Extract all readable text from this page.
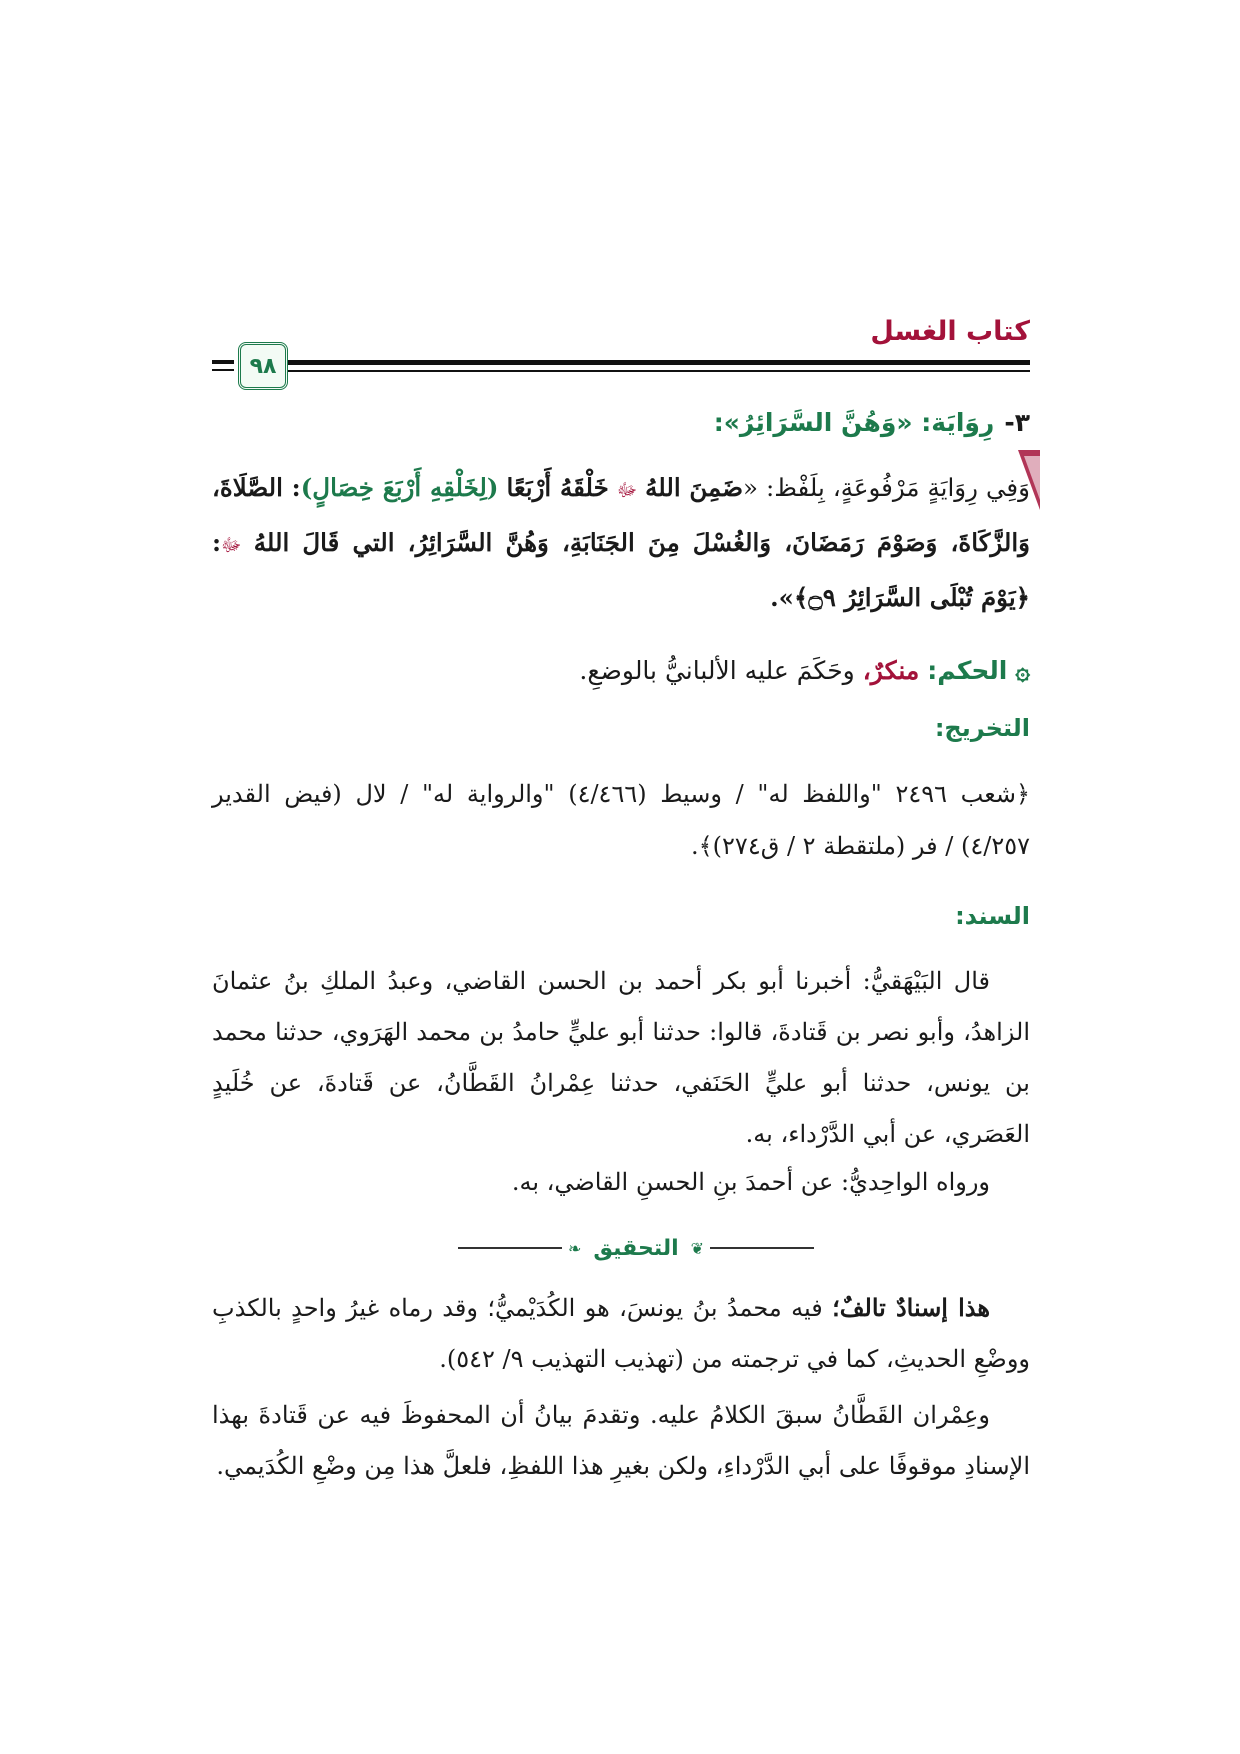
كتاب الغسل
٩٨
٣-رِوَايَة: «وَهُنَّ السَّرَائِرُ»:
وَفِي رِوَايَةٍ مَرْفُوعَةٍ، بِلَفْظ: «ضَمِنَ اللهُ ﷻ خَلْقَهُ أَرْبَعًا (لِخَلْقِهِ أَرْبَعَ خِصَالٍ): الصَّلَاةَ، وَالزَّكَاةَ، وَصَوْمَ رَمَضَانَ، وَالغُسْلَ مِنَ الجَنَابَةِ، وَهُنَّ السَّرَائِرُ، التي قَالَ اللهُ ﷻ: ﴿يَوْمَ تُبْلَى السَّرَائِرُ ۝٩﴾».
۞ الحكم: منكرٌ، وحَكَمَ عليه الألبانيُّ بالوضعِ.
التخريج:
﴿شعب ٢٤٩٦ "واللفظ له" / وسيط (٤/٤٦٦) "والرواية له" / لال (فيض القدير ٤/٢٥٧) / فر (ملتقطة ٢ / ق٢٧٤)﴾.
السند:
قال البَيْهَقيُّ: أخبرنا أبو بكر أحمد بن الحسن القاضي، وعبدُ الملكِ بنُ عثمانَ الزاهدُ، وأبو نصر بن قَتادةَ، قالوا: حدثنا أبو عليٍّ حامدُ بن محمد الهَرَوي، حدثنا محمد بن يونس، حدثنا أبو عليٍّ الحَنَفي، حدثنا عِمْرانُ القَطَّانُ، عن قَتادةَ، عن خُلَيدٍ العَصَري، عن أبي الدَّرْداء، به.
ورواه الواحِديُّ: عن أحمدَ بنِ الحسنِ القاضي، به.
❦
التحقيق
❧
هذا إسنادٌ تالفٌ؛ فيه محمدُ بنُ يونسَ، هو الكُدَيْميُّ؛ وقد رماه غيرُ واحدٍ بالكذبِ ووضْعِ الحديثِ، كما في ترجمته من (تهذيب التهذيب ٩/ ٥٤٢).
وعِمْران القَطَّانُ سبقَ الكلامُ عليه. وتقدمَ بيانُ أن المحفوظَ فيه عن قَتادةَ بهذا الإسنادِ موقوفًا على أبي الدَّرْداءِ، ولكن بغيرِ هذا اللفظِ، فلعلَّ هذا مِن وضْعِ الكُدَيمي.
